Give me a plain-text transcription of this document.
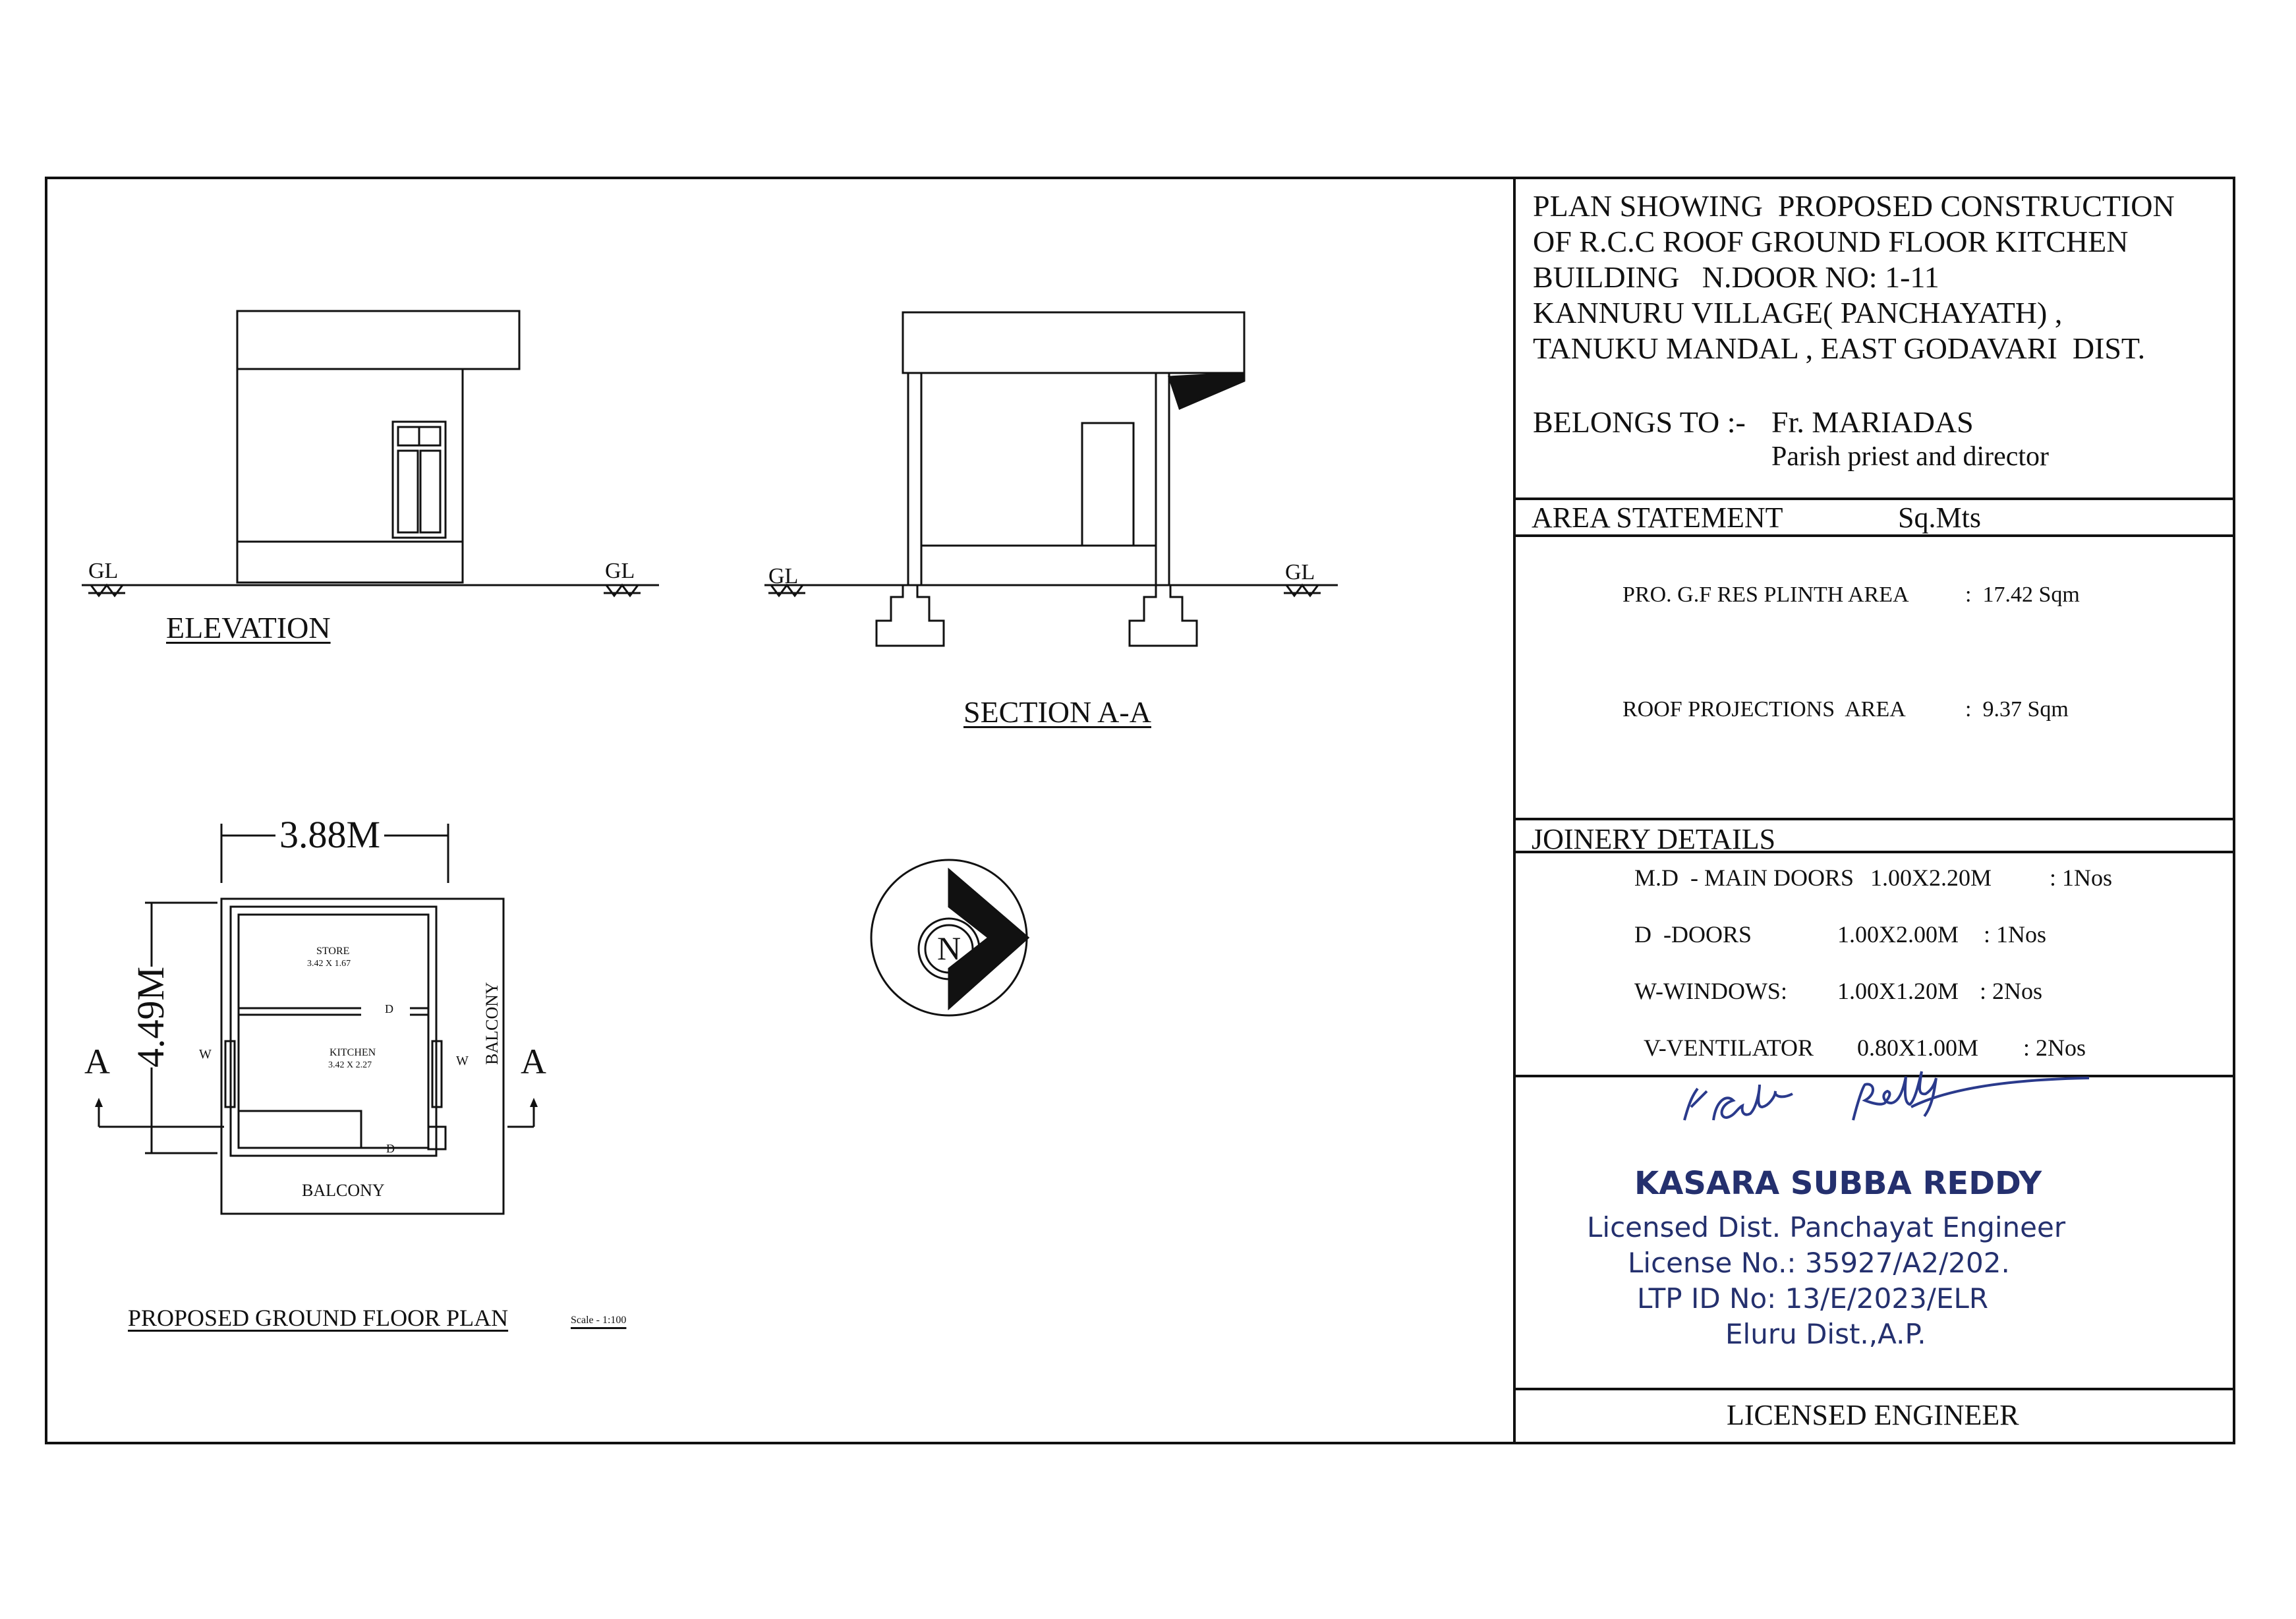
PLAN SHOWING  PROPOSED CONSTRUCTION
OF R.C.C ROOF GROUND FLOOR KITCHEN
BUILDING   N.DOOR NO: 1-11
KANNURU VILLAGE( PANCHAYATH) ,
TANUKU MANDAL , EAST GODAVARI  DIST.
BELONGS TO :- Fr. MARIADAS
Parish priest and director
AREA STATEMENT	Sq.Mts
PRO. G.F RES PLINTH AREA	:  17.42 Sqm
ROOF PROJECTIONS  AREA	:  9.37 Sqm
JOINERY DETAILS
M.D  - MAIN DOORS 1.00X2.20M : 1Nos
D  -DOORS	1.00X2.00M : 1Nos
W-WINDOWS: 1.00X1.20M : 2Nos
V-VENTILATOR 0.80X1.00M : 2Nos
KASARA SUBBA REDDY
Licensed Dist. Panchayat Engineer
License No.: 35927/A2/202.
LTP ID No: 13/E/2023/ELR
Eluru Dist.,A.P.
LICENSED ENGINEER
GL	GL	GL	GL
ELEVATION
SECTION A-A
PROPOSED GROUND FLOOR PLAN	Scale - 1:100
3.88M
4.49M
A	A
STORE
3.42 X 1.67
KITCHEN
3.42 X 2.27
BALCONY
BALCONY
W	W
D
D
N
